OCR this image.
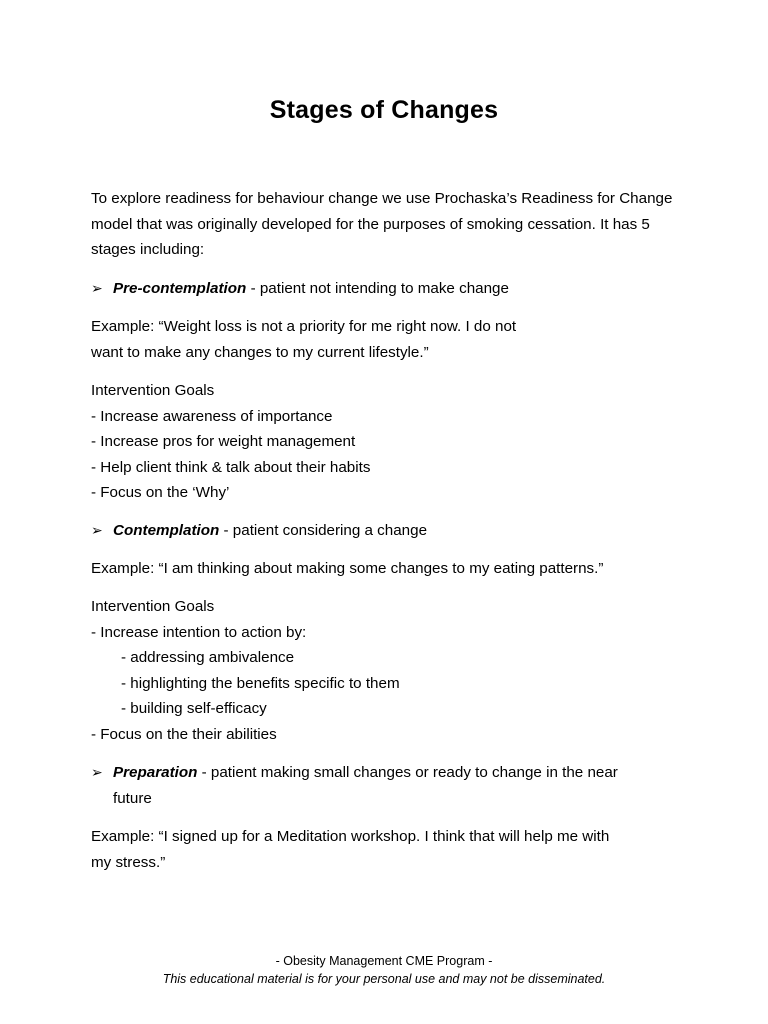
Stages of Changes
To explore readiness for behaviour change we use Prochaska’s Readiness for Change model that was originally developed for the purposes of smoking cessation. It has 5 stages including:
➢ Pre-contemplation - patient not intending to make change
Example: “Weight loss is not a priority for me right now. I do not
want to make any changes to my current lifestyle.”
Intervention Goals
- Increase awareness of importance
- Increase pros for weight management
- Help client think & talk about their habits
- Focus on the ‘Why’
➢ Contemplation - patient considering a change
Example: “I am thinking about making some changes to my eating patterns.”
Intervention Goals
- Increase intention to action by:
- addressing ambivalence
- highlighting the benefits specific to them
- building self-efficacy
- Focus on the their abilities
➢ Preparation - patient making small changes or ready to change in the near
future
Example: “I signed up for a Meditation workshop. I think that will help me with
my stress.”
- Obesity Management CME Program -
This educational material is for your personal use and may not be disseminated.
